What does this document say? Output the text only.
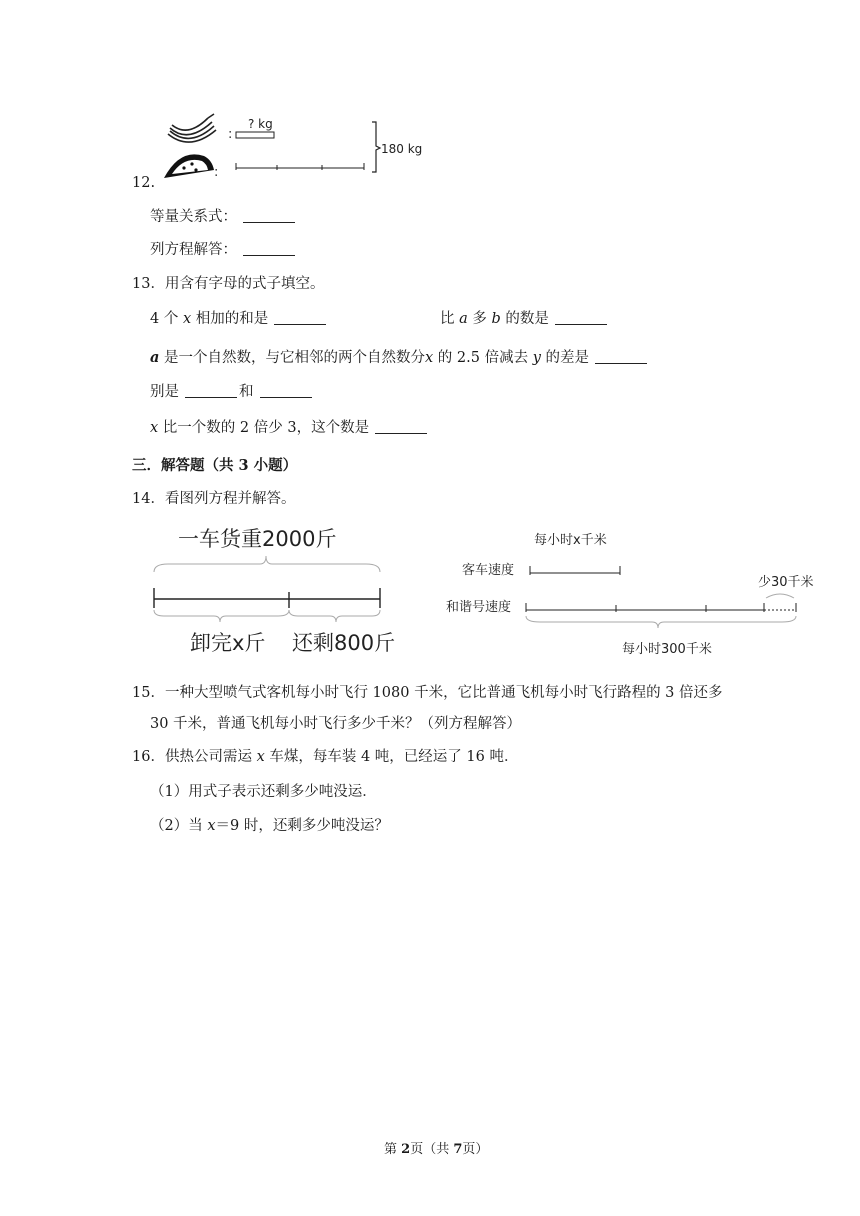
:
:
? kg
180 kg
12.
等量关系式：
列方程解答：
13．用含有字母的式子填空。
4 个 x 相加的和是	比 a 多 b 的数是
a 是一个自然数，与它相邻的两个自然数分x 的 2.5 倍减去 y 的差是
别是	和
x 比一个数的 2 倍少 3，这个数是
三．解答题（共 3 小题）
14．看图列方程并解答。
一车货重2000斤
卸完x斤 还剩800斤
每小时x千米
客车速度
和谐号速度
少30千米
每小时300千米
15．一种大型喷气式客机每小时飞行 1080 千米，它比普通飞机每小时飞行路程的 3 倍还多
30 千米，普通飞机每小时飞行多少千米？（列方程解答）
16．供热公司需运 x 车煤，每车装 4 吨，已经运了 16 吨．
（1）用式子表示还剩多少吨没运．
（2）当 x＝9 时，还剩多少吨没运？
第 2页（共 7页）
